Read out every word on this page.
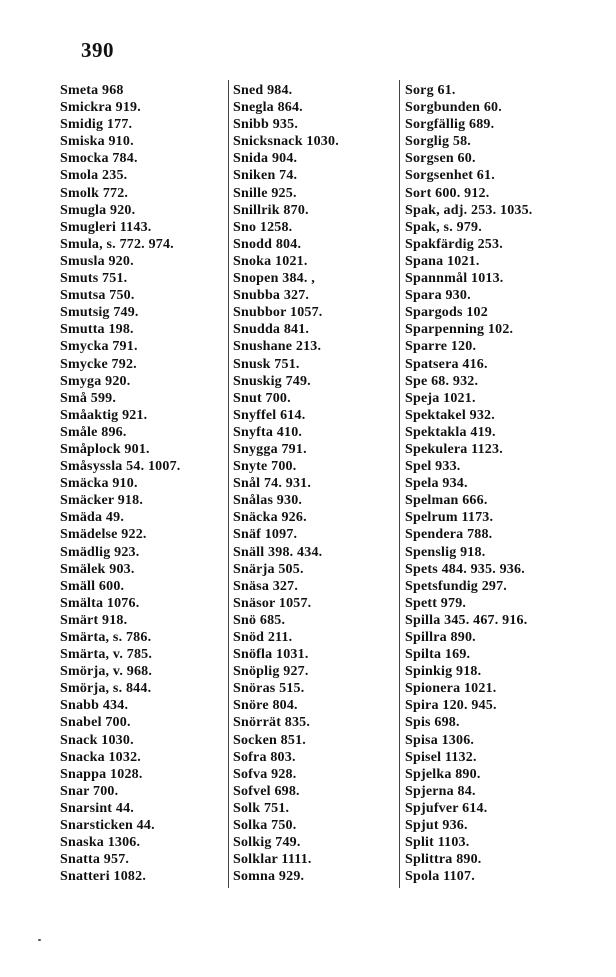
390
Smeta 968
Smickra 919.
Smidig 177.
Smiska 910.
Smocka 784.
Smola 235.
Smolk 772.
Smugla 920.
Smugleri 1143.
Smula, s. 772. 974.
Smusla 920.
Smuts 751.
Smutsa 750.
Smutsig 749.
Smutta 198.
Smycka 791.
Smycke 792.
Smyga 920.
Små 599.
Småaktig 921.
Småle 896.
Småplock 901.
Småsyssla 54. 1007.
Smäcka 910.
Smäcker 918.
Smäda 49.
Smädelse 922.
Smädlig 923.
Smälek 903.
Smäll 600.
Smälta 1076.
Smärt 918.
Smärta, s. 786.
Smärta, v. 785.
Smörja, v. 968.
Smörja, s. 844.
Snabb 434.
Snabel 700.
Snack 1030.
Snacka 1032.
Snappa 1028.
Snar 700.
Snarsint 44.
Snarsticken 44.
Snaska 1306.
Snatta 957.
Snatteri 1082.
Sned 984.
Snegla 864.
Snibb 935.
Snicksnack 1030.
Snida 904.
Sniken 74.
Snille 925.
Snillrik 870.
Sno 1258.
Snodd 804.
Snoka 1021.
Snopen 384. ,
Snubba 327.
Snubbor 1057.
Snudda 841.
Snushane 213.
Snusk 751.
Snuskig 749.
Snut 700.
Snyffel 614.
Snyfta 410.
Snygga 791.
Snyte 700.
Snål 74. 931.
Snålas 930.
Snäcka 926.
Snäf 1097.
Snäll 398. 434.
Snärja 505.
Snäsa 327.
Snäsor 1057.
Snö 685.
Snöd 211.
Snöfla 1031.
Snöplig 927.
Snöras 515.
Snöre 804.
Snörrät 835.
Socken 851.
Sofra 803.
Sofva 928.
Sofvel 698.
Solk 751.
Solka 750.
Solkig 749.
Solklar 1111.
Somna 929.
Sorg 61.
Sorgbunden 60.
Sorgfällig 689.
Sorglig 58.
Sorgsen 60.
Sorgsenhet 61.
Sort 600. 912.
Spak, adj. 253. 1035.
Spak, s. 979.
Spakfärdig 253.
Spana 1021.
Spannmål 1013.
Spara 930.
Spargods 102
Sparpenning 102.
Sparre 120.
Spatsera 416.
Spe 68. 932.
Speja 1021.
Spektakel 932.
Spektakla 419.
Spekulera 1123.
Spel 933.
Spela 934.
Spelman 666.
Spelrum 1173.
Spendera 788.
Spenslig 918.
Spets 484. 935. 936.
Spetsfundig 297.
Spett 979.
Spilla 345. 467. 916.
Spillra 890.
Spilta 169.
Spinkig 918.
Spionera 1021.
Spira 120. 945.
Spis 698.
Spisa 1306.
Spisel 1132.
Spjelka 890.
Spjerna 84.
Spjufver 614.
Spjut 936.
Split 1103.
Splittra 890.
Spola 1107.
